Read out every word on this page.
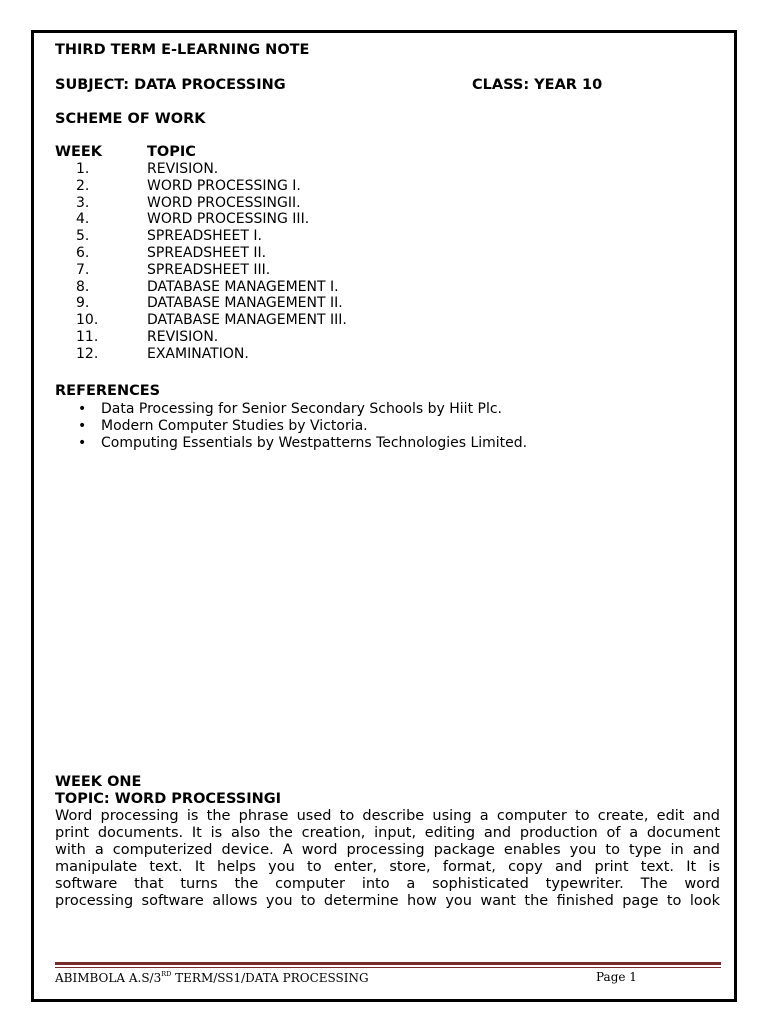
THIRD TERM E-LEARNING NOTE
SUBJECT: DATA PROCESSING	CLASS: YEAR 10
SCHEME OF WORK
WEEK	TOPIC
1.	REVISION.
2.	WORD PROCESSING I.
3.	WORD PROCESSINGII.
4.	WORD PROCESSING III.
5.	SPREADSHEET I.
6.	SPREADSHEET II.
7.	SPREADSHEET III.
8.	DATABASE MANAGEMENT I.
9.	DATABASE MANAGEMENT II.
10.	DATABASE MANAGEMENT III.
11.	REVISION.
12.	EXAMINATION.
REFERENCES
• Data Processing for Senior Secondary Schools by Hiit Plc.
• Modern Computer Studies by Victoria.
• Computing Essentials by Westpatterns Technologies Limited.
WEEK ONE
TOPIC: WORD PROCESSINGI
Word processing is the phrase used to describe using a computer to create, edit and
print documents. It is also the creation, input, editing and production of a document
with a computerized device. A word processing package enables you to type in and
manipulate text. It helps you to enter, store, format, copy and print text. It is
software that turns the computer into a sophisticated typewriter. The word
processing software allows you to determine how you want the finished page to look
ABIMBOLA A.S/3RD TERM/SS1/DATA PROCESSING	Page 1
